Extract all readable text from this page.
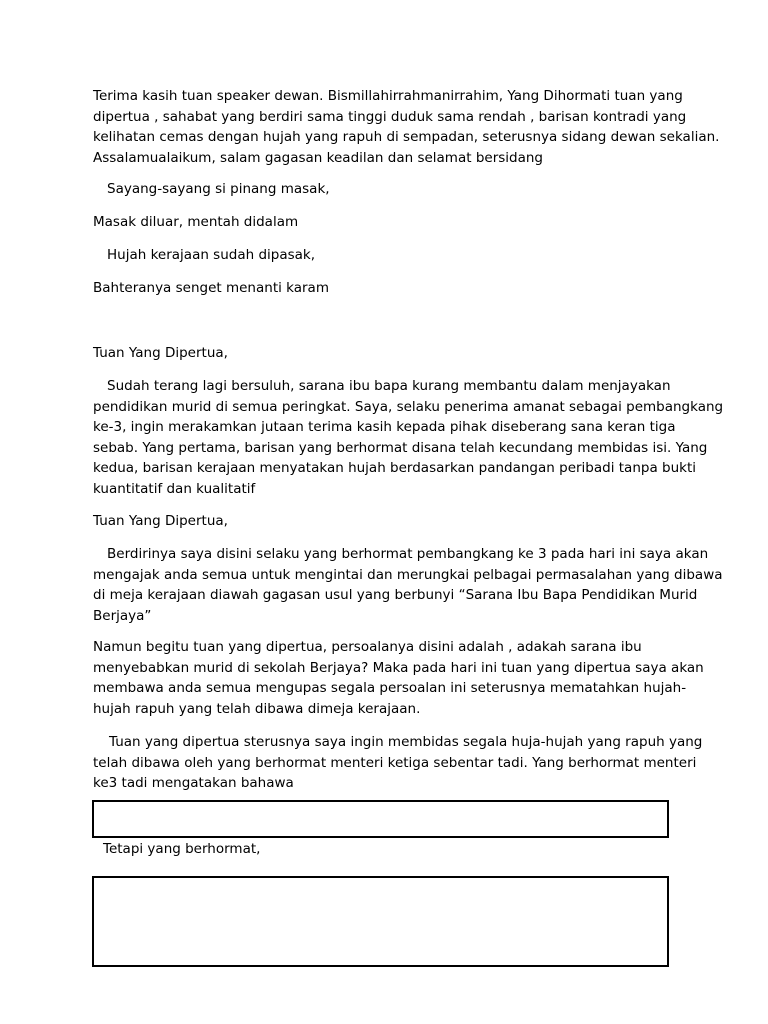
Terima kasih tuan speaker dewan. Bismillahirrahmanirrahim, Yang Dihormati tuan yang
dipertua , sahabat yang berdiri sama tinggi duduk sama rendah , barisan kontradi yang
kelihatan cemas dengan hujah yang rapuh di sempadan, seterusnya sidang dewan sekalian.
Assalamualaikum, salam gagasan keadilan dan selamat bersidang

Sayang-sayang si pinang masak,

Masak diluar, mentah didalam

Hujah kerajaan sudah dipasak,

Bahteranya senget menanti karam

Tuan Yang Dipertua,

Sudah terang lagi bersuluh, sarana ibu bapa kurang membantu dalam menjayakan
pendidikan murid di semua peringkat. Saya, selaku penerima amanat sebagai pembangkang
ke-3, ingin merakamkan jutaan terima kasih kepada pihak diseberang sana keran tiga
sebab. Yang pertama, barisan yang berhormat disana telah kecundang membidas isi. Yang
kedua, barisan kerajaan menyatakan hujah berdasarkan pandangan peribadi tanpa bukti
kuantitatif dan kualitatif

Tuan Yang Dipertua,

Berdirinya saya disini selaku yang berhormat pembangkang ke 3 pada hari ini saya akan
mengajak anda semua untuk mengintai dan merungkai pelbagai permasalahan yang dibawa
di meja kerajaan diawah gagasan usul yang berbunyi “Sarana Ibu Bapa Pendidikan Murid
Berjaya”

Namun begitu tuan yang dipertua, persoalanya disini adalah , adakah sarana ibu
menyebabkan murid di sekolah Berjaya? Maka pada hari ini tuan yang dipertua saya akan
membawa anda semua mengupas segala persoalan ini seterusnya mematahkan hujah-
hujah rapuh yang telah dibawa dimeja kerajaan.

Tuan yang dipertua sterusnya saya ingin membidas segala huja-hujah yang rapuh yang
telah dibawa oleh yang berhormat menteri ketiga sebentar tadi. Yang berhormat menteri
ke3 tadi mengatakan bahawa

Tetapi yang berhormat,
